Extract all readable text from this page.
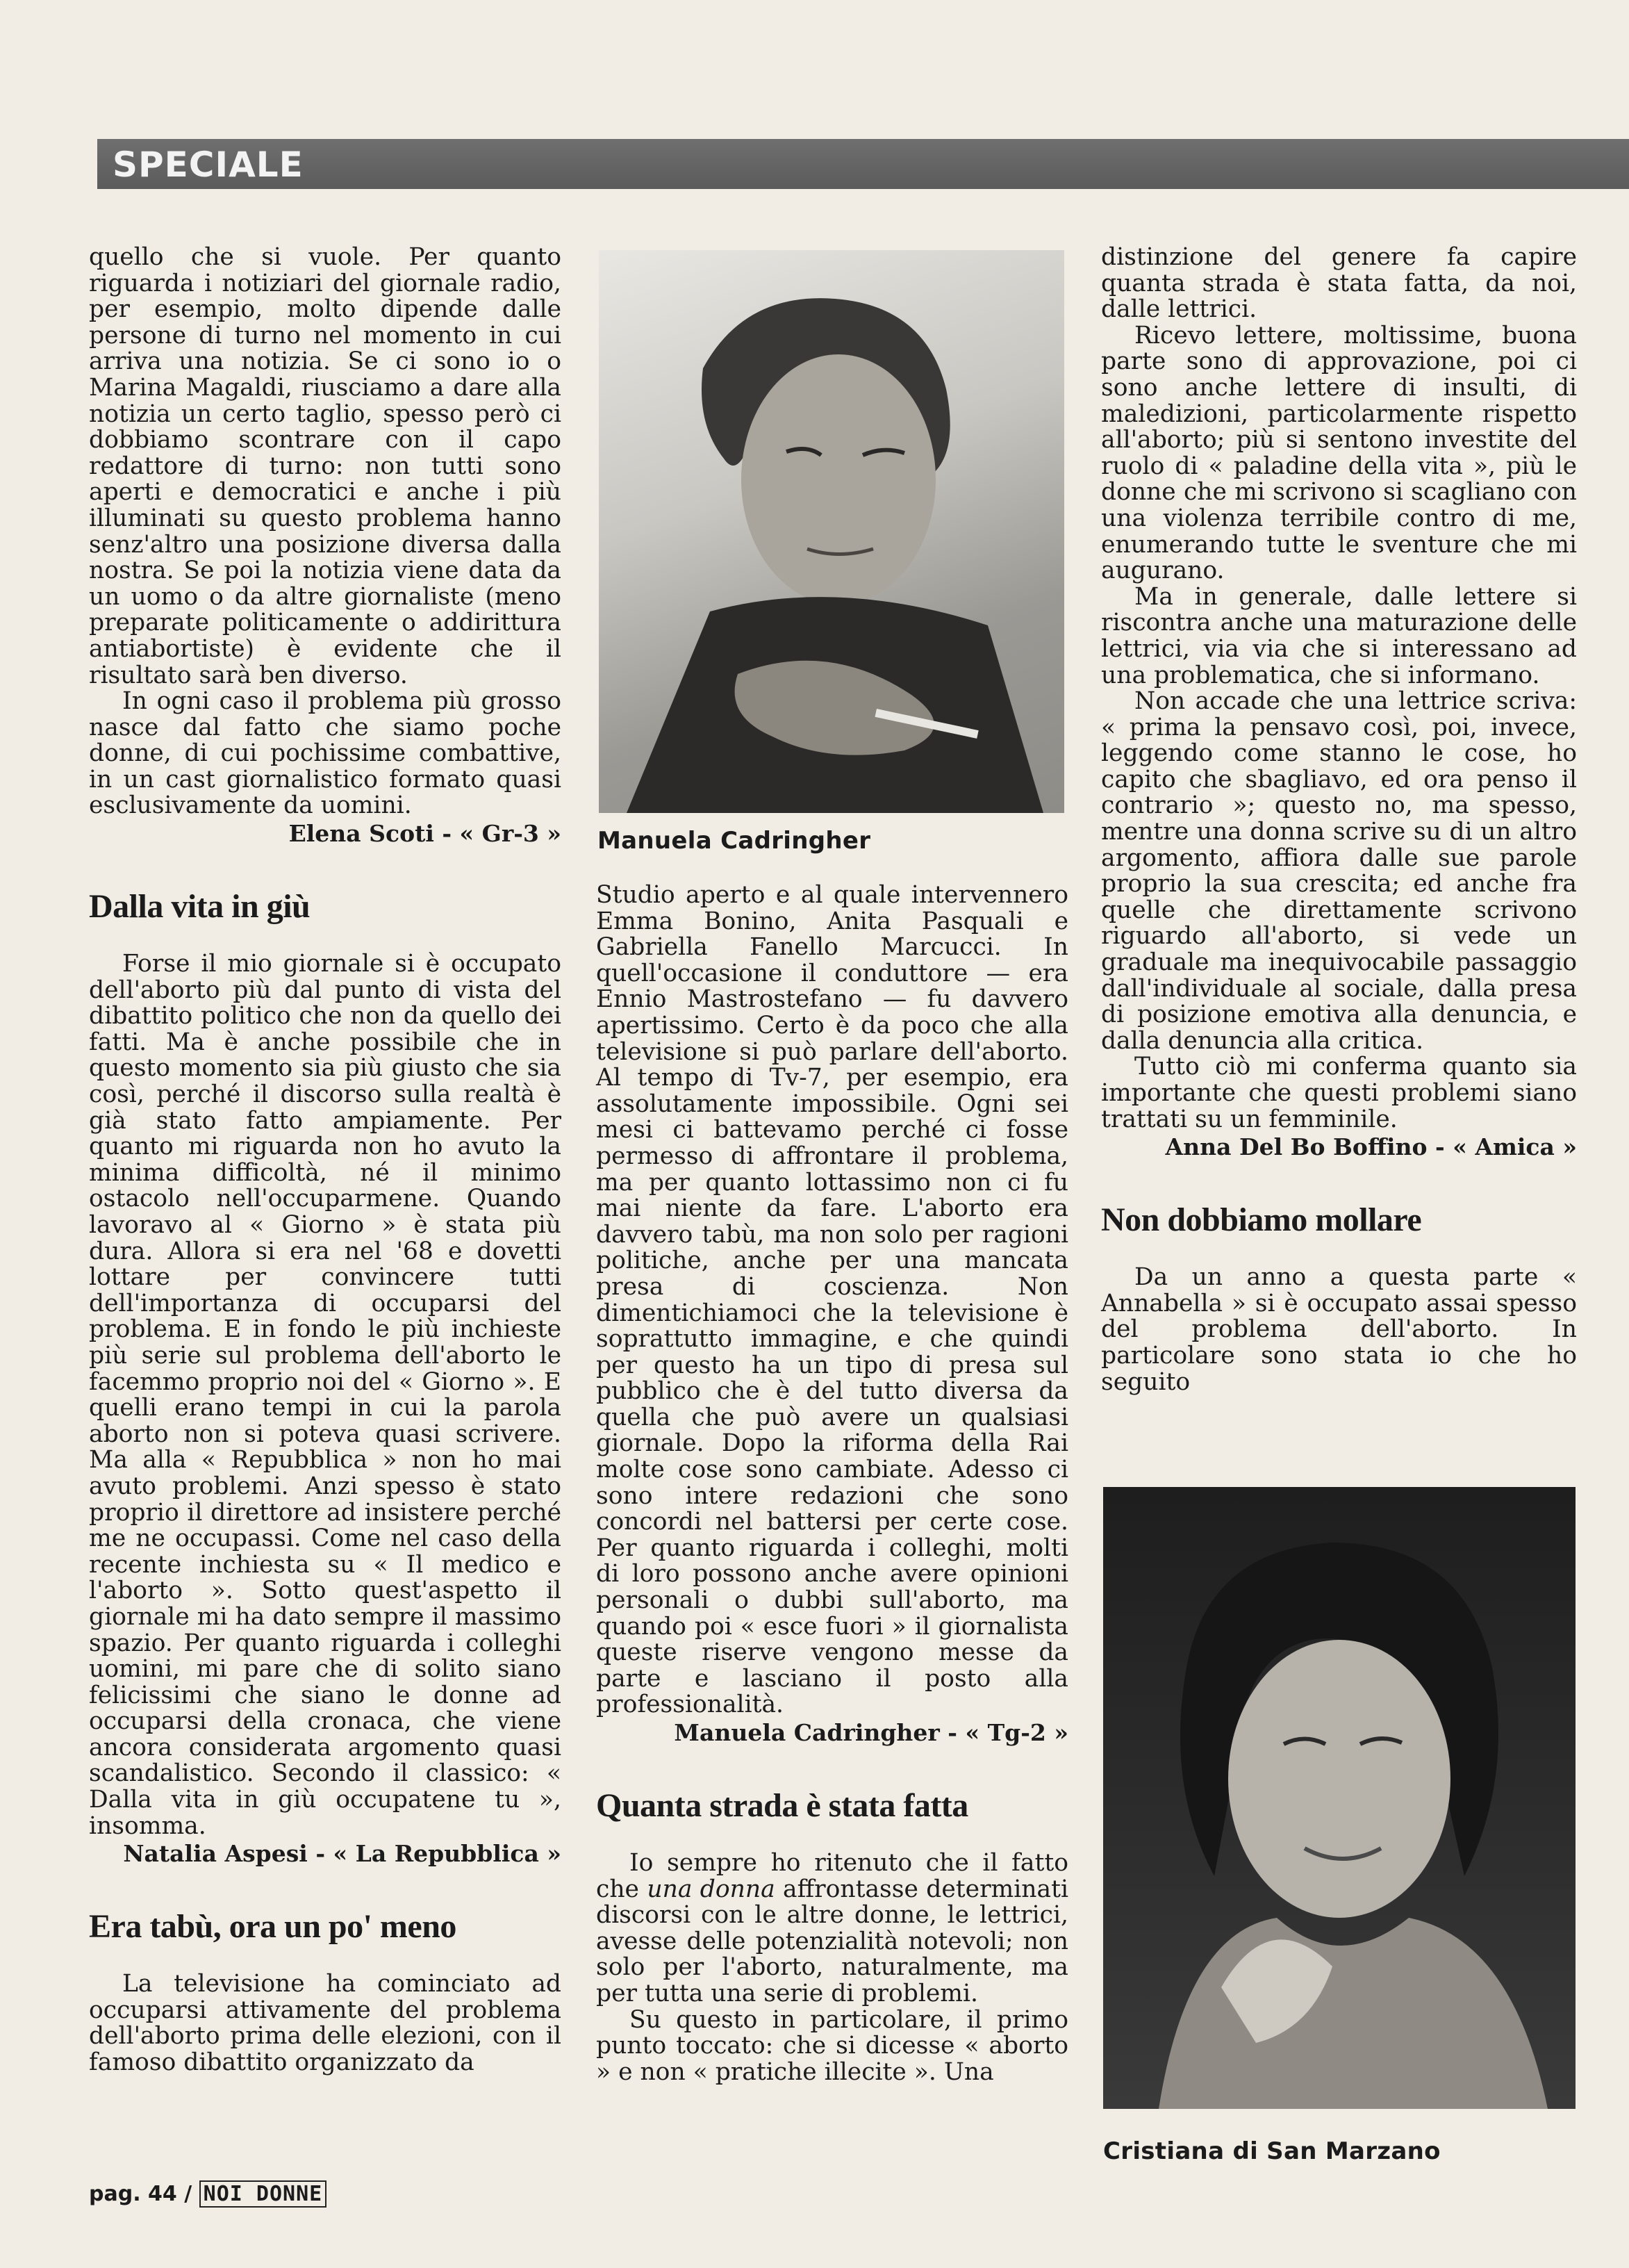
SPECIALE

quello che si vuole. Per quanto riguarda i notiziari del giornale radio, per esempio, molto dipende dalle persone di turno nel momento in cui arriva una notizia. Se ci sono io o Marina Magaldi, riusciamo a dare alla notizia un certo taglio, spesso però ci dobbiamo scontrare con il capo redattore di turno: non tutti sono aperti e democratici e anche i più illuminati su questo problema hanno senz'altro una posizione diversa dalla nostra. Se poi la notizia viene data da un uomo o da altre giornaliste (meno preparate politicamente o addirittura antiabortiste) è evidente che il risultato sarà ben diverso.

In ogni caso il problema più grosso nasce dal fatto che siamo poche donne, di cui pochissime combattive, in un cast giornalistico formato quasi esclusivamente da uomini.

Elena Scoti - « Gr-3 »
Dalla vita in giù

Forse il mio giornale si è occupato dell'aborto più dal punto di vista del dibattito politico che non da quello dei fatti. Ma è anche possibile che in questo momento sia più giusto che sia così, perché il discorso sulla realtà è già stato fatto ampiamente. Per quanto mi riguarda non ho avuto la minima difficoltà, né il minimo ostacolo nell'occuparmene. Quando lavoravo al « Giorno » è stata più dura. Allora si era nel '68 e dovetti lottare per convincere tutti dell'importanza di occuparsi del problema. E in fondo le più inchieste più serie sul problema dell'aborto le facemmo proprio noi del « Giorno ». E quelli erano tempi in cui la parola aborto non si poteva quasi scrivere. Ma alla « Repubblica » non ho mai avuto problemi. Anzi spesso è stato proprio il direttore ad insistere perché me ne occupassi. Come nel caso della recente inchiesta su « Il medico e l'aborto ». Sotto quest'aspetto il giornale mi ha dato sempre il massimo spazio. Per quanto riguarda i colleghi uomini, mi pare che di solito siano felicissimi che siano le donne ad occuparsi della cronaca, che viene ancora considerata argomento quasi scandalistico. Secondo il classico: « Dalla vita in giù occupatene tu », insomma.

Natalia Aspesi - « La Repubblica »
Era tabù, ora un po' meno

La televisione ha cominciato ad occuparsi attivamente del problema dell'aborto prima delle elezioni, con il famoso dibattito organizzato da

Manuela Cadringher

Studio aperto e al quale intervennero Emma Bonino, Anita Pasquali e Gabriella Fanello Marcucci. In quell'occasione il conduttore — era Ennio Mastrostefano — fu davvero apertissimo. Certo è da poco che alla televisione si può parlare dell'aborto. Al tempo di Tv-7, per esempio, era assolutamente impossibile. Ogni sei mesi ci battevamo perché ci fosse permesso di affrontare il problema, ma per quanto lottassimo non ci fu mai niente da fare. L'aborto era davvero tabù, ma non solo per ragioni politiche, anche per una mancata presa di coscienza. Non dimentichiamoci che la televisione è soprattutto immagine, e che quindi per questo ha un tipo di presa sul pubblico che è del tutto diversa da quella che può avere un qualsiasi giornale. Dopo la riforma della Rai molte cose sono cambiate. Adesso ci sono intere redazioni che sono concordi nel battersi per certe cose. Per quanto riguarda i colleghi, molti di loro possono anche avere opinioni personali o dubbi sull'aborto, ma quando poi « esce fuori » il giornalista queste riserve vengono messe da parte e lasciano il posto alla professionalità.

Manuela Cadringher - « Tg-2 »
Quanta strada è stata fatta

Io sempre ho ritenuto che il fatto che una donna affrontasse determinati discorsi con le altre donne, le lettrici, avesse delle potenzialità notevoli; non solo per l'aborto, naturalmente, ma per tutta una serie di problemi.

Su questo in particolare, il primo punto toccato: che si dicesse « aborto » e non « pratiche illecite ». Una

distinzione del genere fa capire quanta strada è stata fatta, da noi, dalle lettrici.

Ricevo lettere, moltissime, buona parte sono di approvazione, poi ci sono anche lettere di insulti, di maledizioni, particolarmente rispetto all'aborto; più si sentono investite del ruolo di « paladine della vita », più le donne che mi scrivono si scagliano con una violenza terribile contro di me, enumerando tutte le sventure che mi augurano.

Ma in generale, dalle lettere si riscontra anche una maturazione delle lettrici, via via che si interessano ad una problematica, che si informano.

Non accade che una lettrice scriva: « prima la pensavo così, poi, invece, leggendo come stanno le cose, ho capito che sbagliavo, ed ora penso il contrario »; questo no, ma spesso, mentre una donna scrive su di un altro argomento, affiora dalle sue parole proprio la sua crescita; ed anche fra quelle che direttamente scrivono riguardo all'aborto, si vede un graduale ma inequivocabile passaggio dall'individuale al sociale, dalla presa di posizione emotiva alla denuncia, e dalla denuncia alla critica.

Tutto ciò mi conferma quanto sia importante che questi problemi siano trattati su un femminile.

Anna Del Bo Boffino - « Amica »
Non dobbiamo mollare

Da un anno a questa parte « Annabella » si è occupato assai spesso del problema dell'aborto. In particolare sono stata io che ho seguito

Cristiana di San Marzano
pag. 44 / NOI DONNE
